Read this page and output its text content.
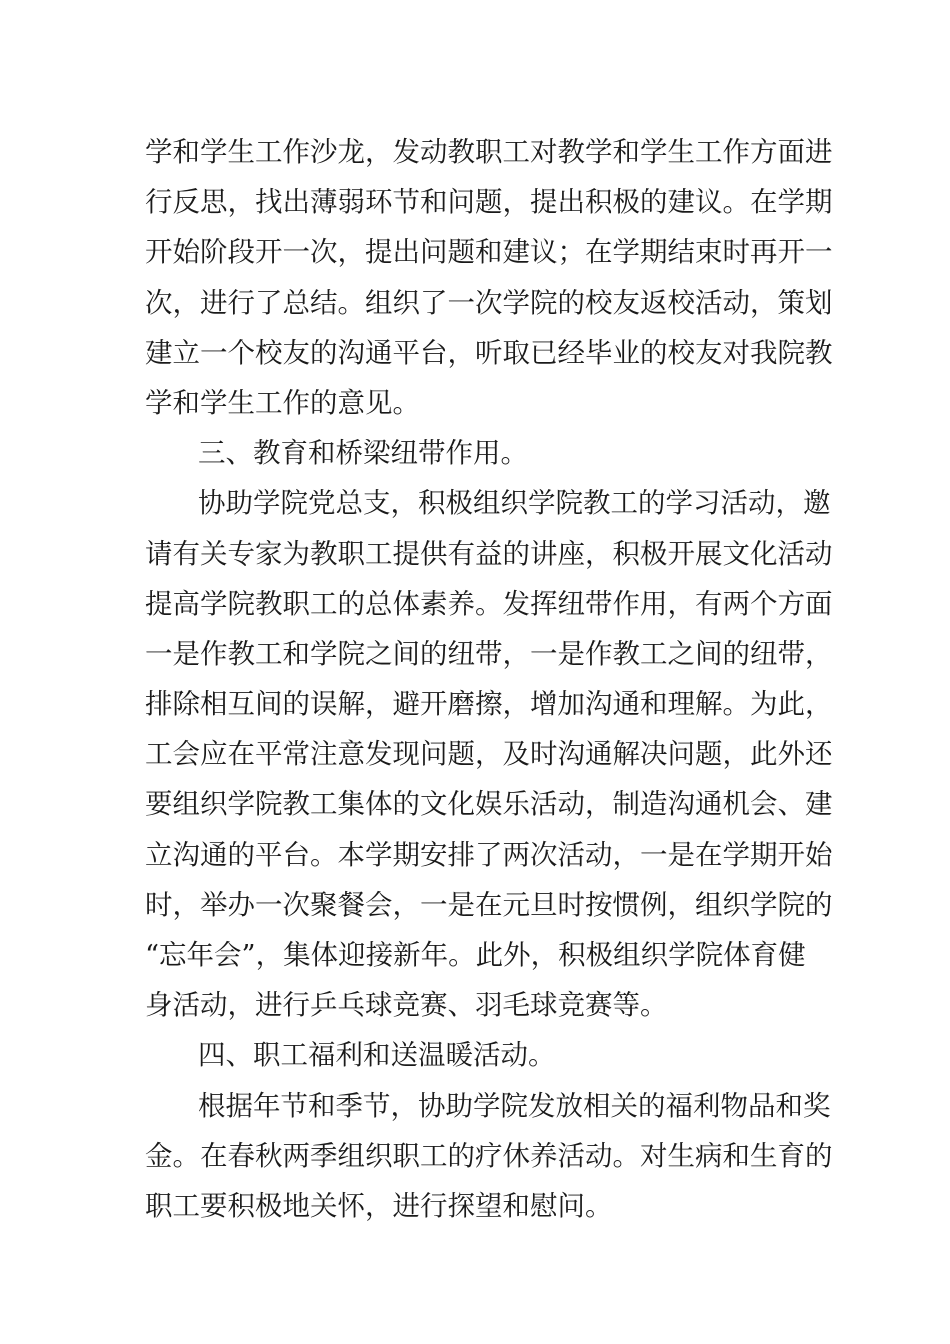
学和学生工作沙龙，发动教职工对教学和学生工作方面进
行反思，找出薄弱环节和问题，提出积极的建议。在学期
开始阶段开一次，提出问题和建议；在学期结束时再开一
次，进行了总结。组织了一次学院的校友返校活动，策划
建立一个校友的沟通平台，听取已经毕业的校友对我院教
学和学生工作的意见。
三、教育和桥梁纽带作用。
协助学院党总支，积极组织学院教工的学习活动，邀
请有关专家为教职工提供有益的讲座，积极开展文化活动
提高学院教职工的总体素养。发挥纽带作用，有两个方面
一是作教工和学院之间的纽带，一是作教工之间的纽带，
排除相互间的误解，避开磨擦，增加沟通和理解。为此，
工会应在平常注意发现问题，及时沟通解决问题，此外还
要组织学院教工集体的文化娱乐活动，制造沟通机会、建
立沟通的平台。本学期安排了两次活动，一是在学期开始
时，举办一次聚餐会，一是在元旦时按惯例，组织学院的
“忘年会”，集体迎接新年。此外，积极组织学院体育健
身活动，进行乒乓球竞赛、羽毛球竞赛等。
四、职工福利和送温暖活动。
根据年节和季节，协助学院发放相关的福利物品和奖
金。在春秋两季组织职工的疗休养活动。对生病和生育的
职工要积极地关怀，进行探望和慰问。
